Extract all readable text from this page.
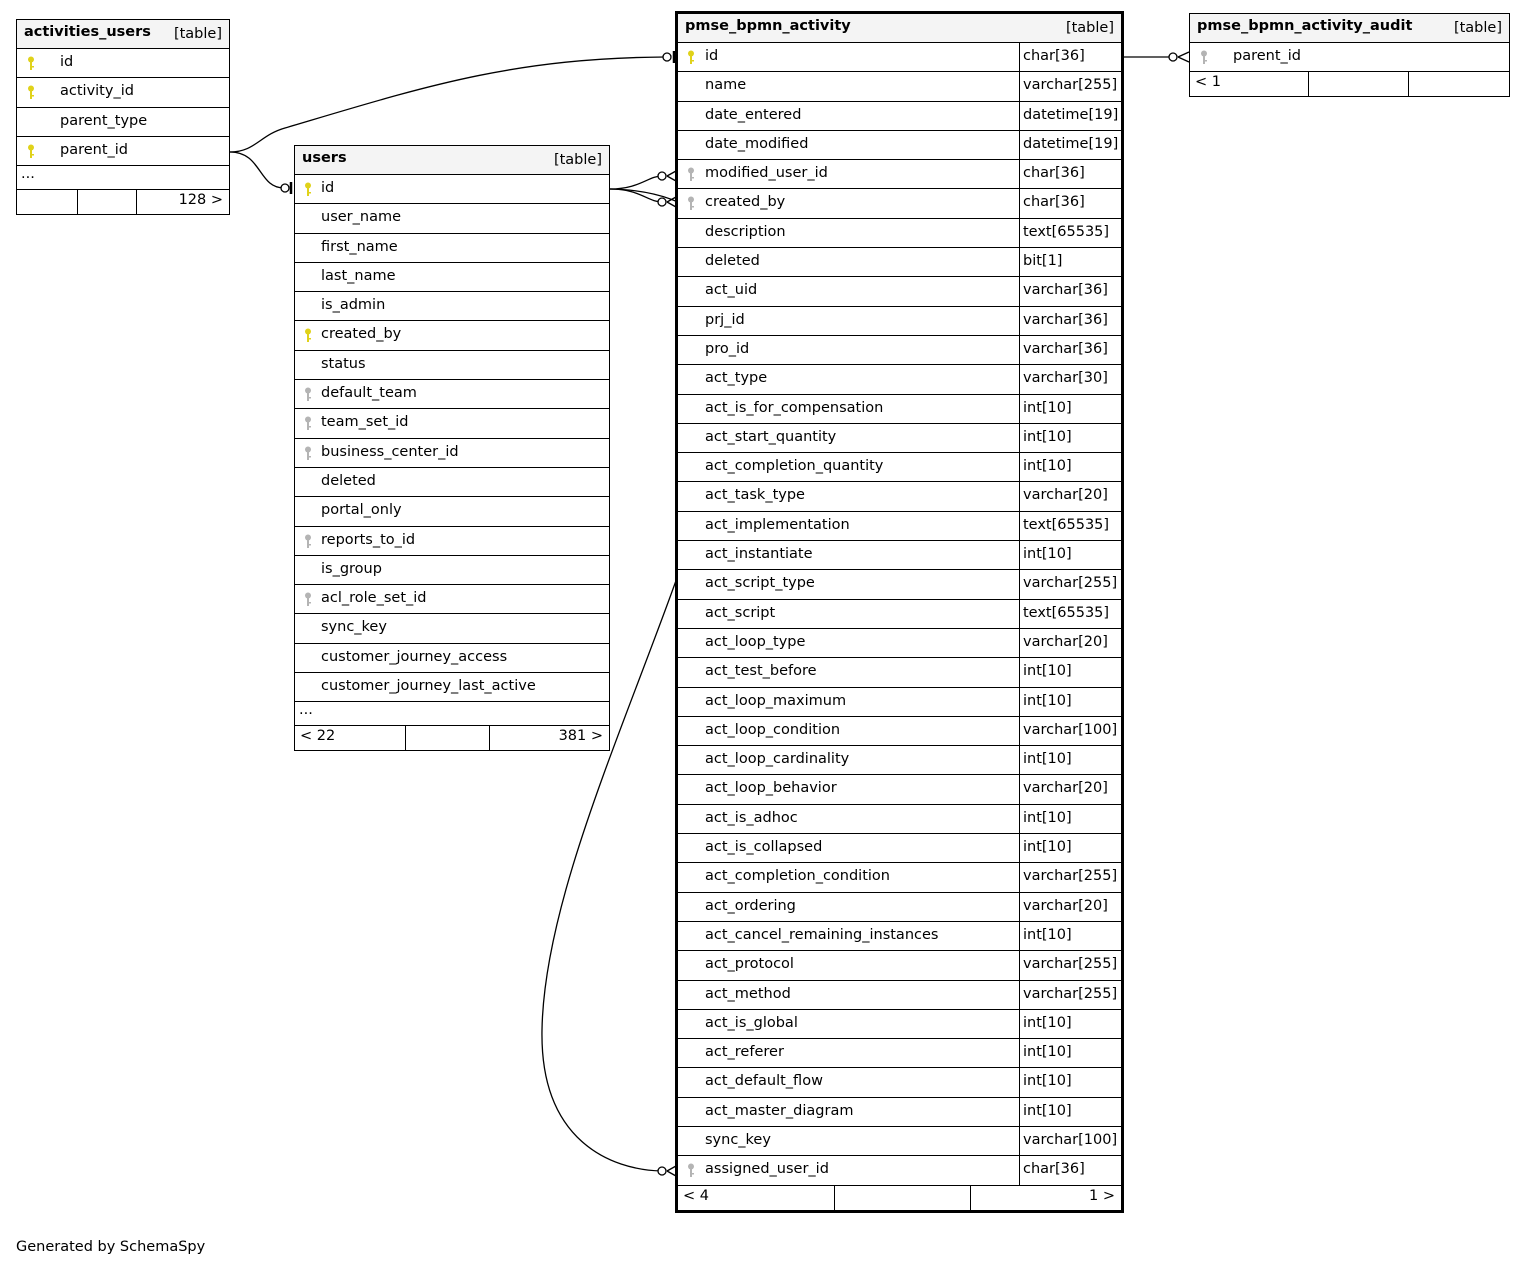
activities_users [table]
id
activity_id
parent_type
parent_id
...
128 >
users	[table]
id
user_name
first_name
last_name
is_admin
created_by
status
default_team
team_set_id
business_center_id
deleted
portal_only
reports_to_id
is_group
acl_role_set_id
sync_key
customer_journey_access
customer_journey_last_active
...
< 22	381 >
pmse_bpmn_activity	[table]
id	char[36]
name	varchar[255]
date_entered	datetime[19]
date_modified	datetime[19]
modified_user_id	char[36]
created_by	char[36]
description	text[65535]
deleted	bit[1]
act_uid	varchar[36]
prj_id	varchar[36]
pro_id	varchar[36]
act_type	varchar[30]
act_is_for_compensation	int[10]
act_start_quantity	int[10]
act_completion_quantity	int[10]
act_task_type	varchar[20]
act_implementation	text[65535]
act_instantiate	int[10]
act_script_type	varchar[255]
act_script	text[65535]
act_loop_type	varchar[20]
act_test_before	int[10]
act_loop_maximum	int[10]
act_loop_condition	varchar[100]
act_loop_cardinality	int[10]
act_loop_behavior	varchar[20]
act_is_adhoc	int[10]
act_is_collapsed	int[10]
act_completion_condition	varchar[255]
act_ordering	varchar[20]
act_cancel_remaining_instances	int[10]
act_protocol	varchar[255]
act_method	varchar[255]
act_is_global	int[10]
act_referer	int[10]
act_default_flow	int[10]
act_master_diagram	int[10]
sync_key	varchar[100]
assigned_user_id	char[36]
< 4	1 >
pmse_bpmn_activity_audit	[table]
parent_id
< 1
Generated by SchemaSpy
